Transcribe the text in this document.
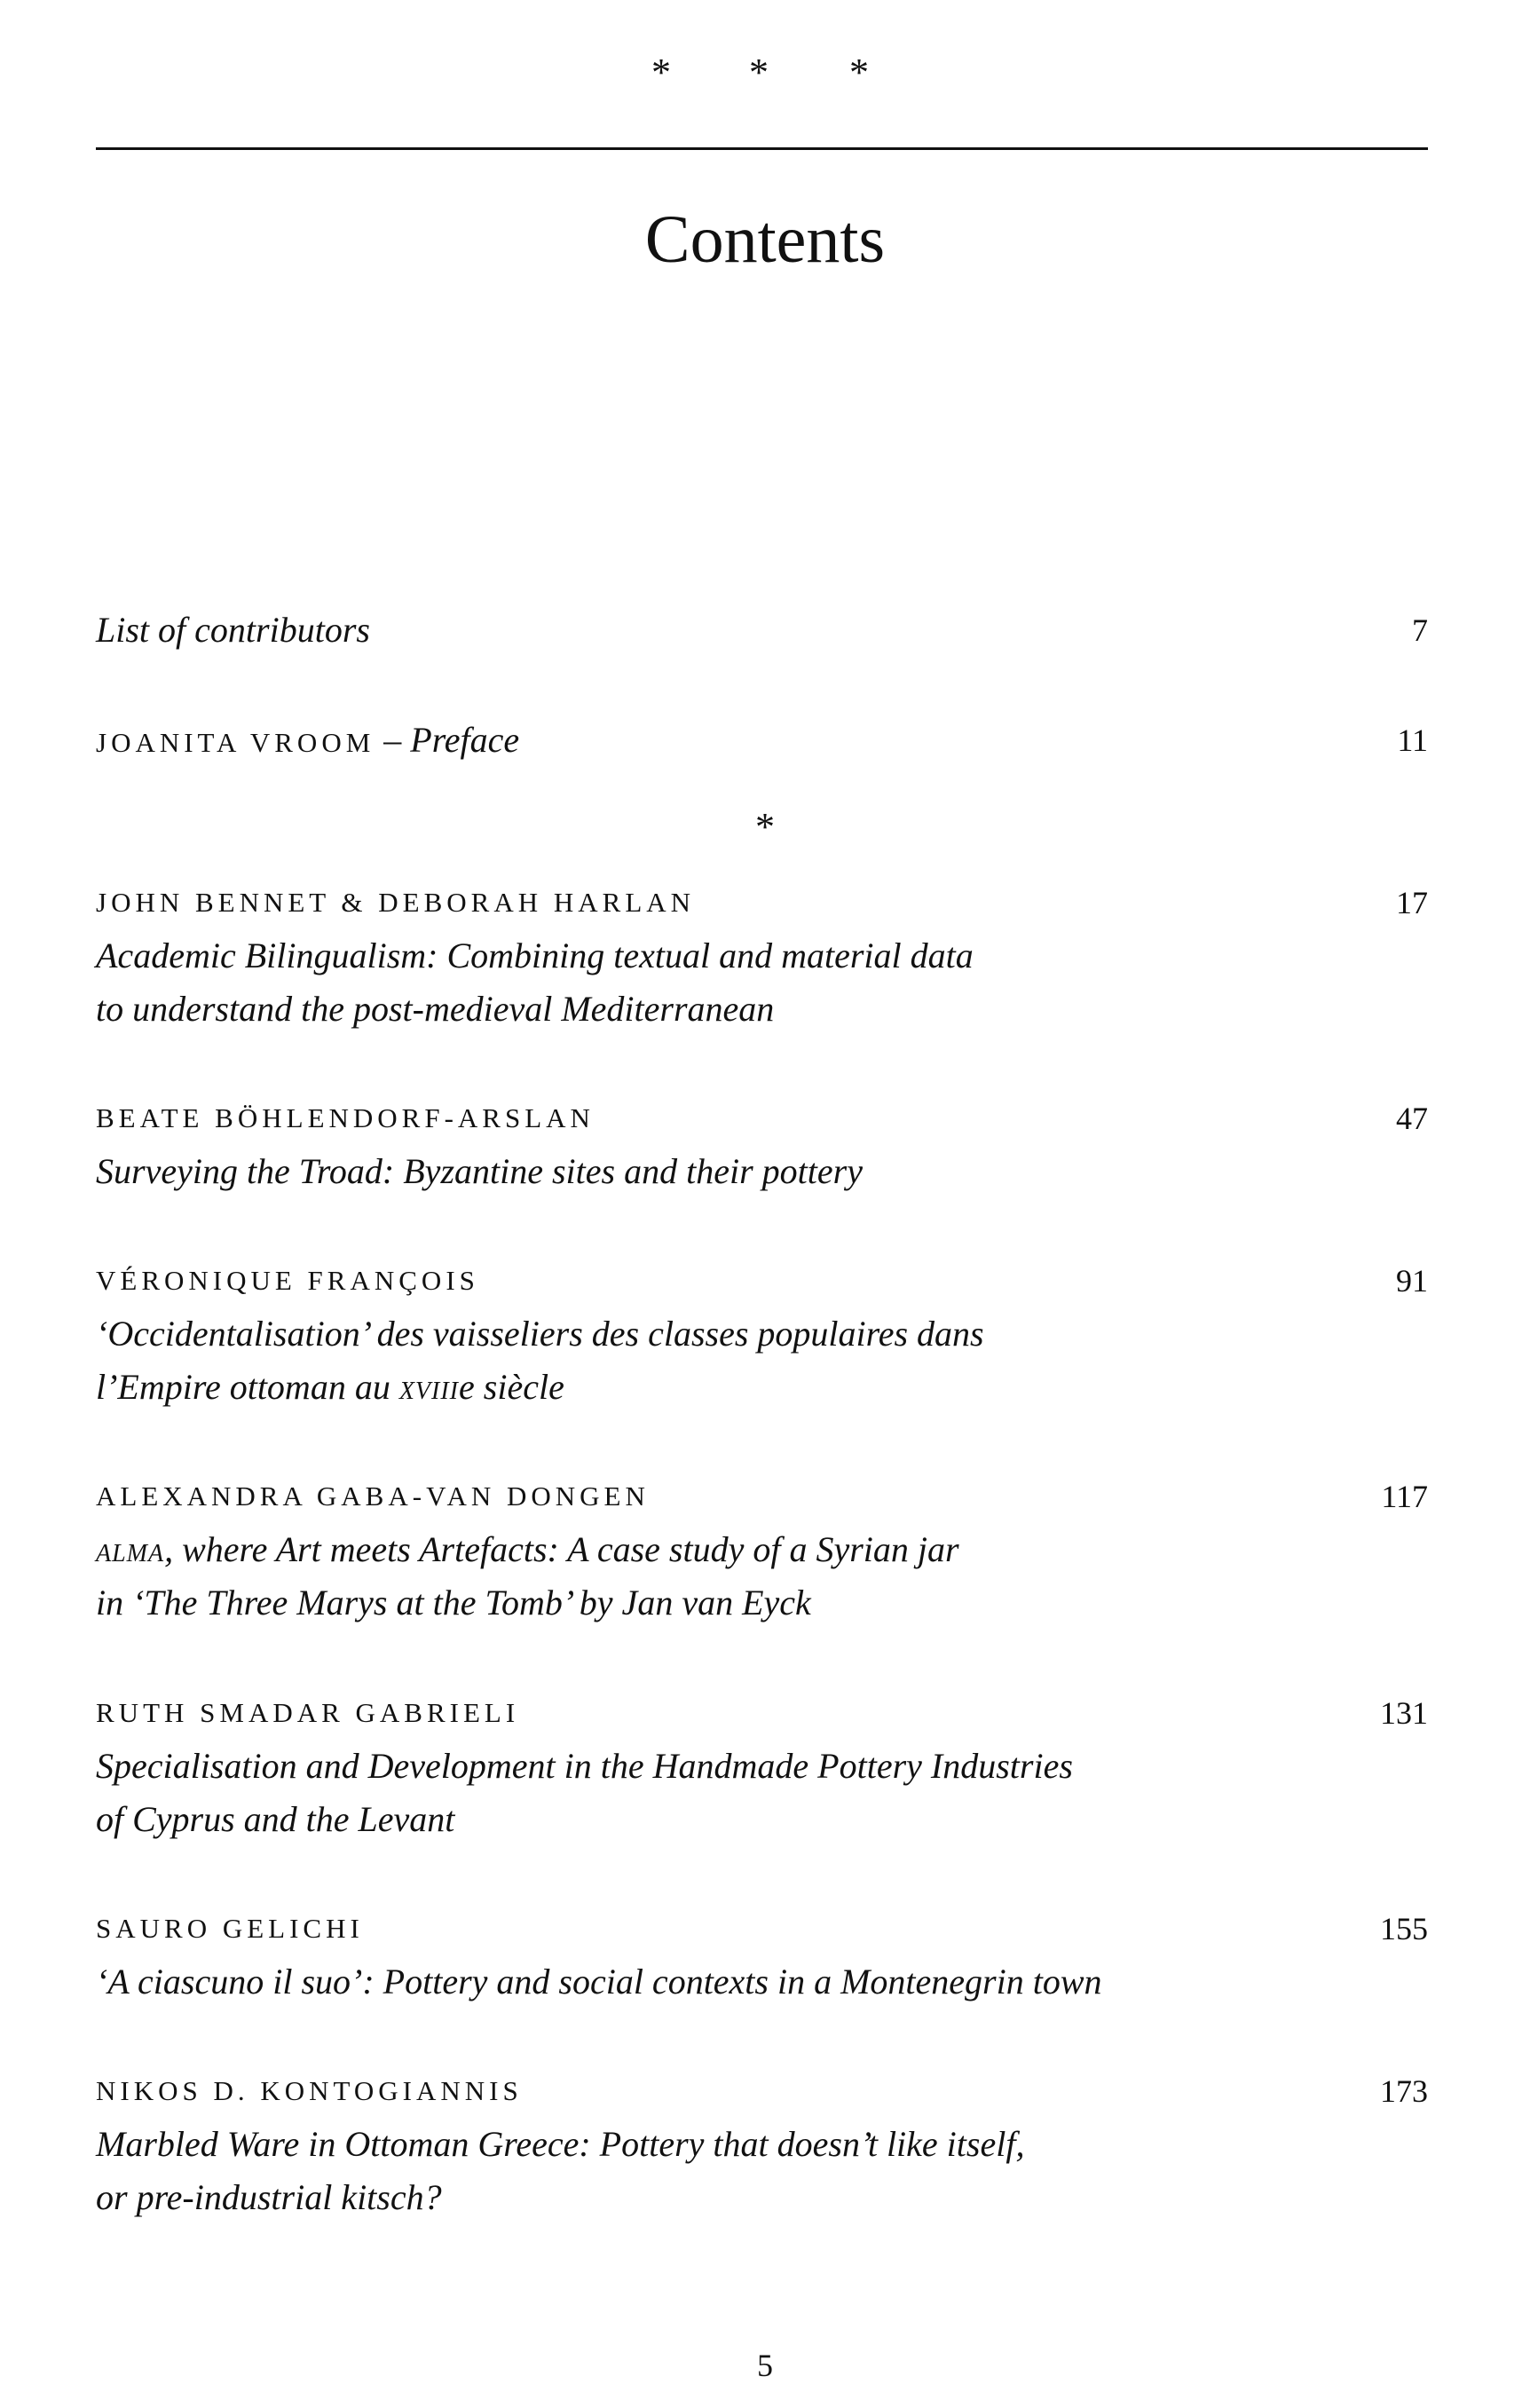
* * *
Contents
List of contributors	7
JOANITA VROOM – Preface	11
*
JOHN BENNET & DEBORAH HARLAN	17
Academic Bilingualism: Combining textual and material data
to understand the post-medieval Mediterranean
BEATE BÖHLENDORF-ARSLAN	47
Surveying the Troad: Byzantine sites and their pottery
VÉRONIQUE FRANÇOIS	91
‘Occidentalisation’ des vaisseliers des classes populaires dans
l’Empire ottoman au xviiie siècle
ALEXANDRA GABA-VAN DONGEN	117
alma, where Art meets Artefacts: A case study of a Syrian jar
in ‘The Three Marys at the Tomb’ by Jan van Eyck
RUTH SMADAR GABRIELI	131
Specialisation and Development in the Handmade Pottery Industries
of Cyprus and the Levant
SAURO GELICHI	155
‘A ciascuno il suo’: Pottery and social contexts in a Montenegrin town
NIKOS D. KONTOGIANNIS	173
Marbled Ware in Ottoman Greece: Pottery that doesn’t like itself,
or pre-industrial kitsch?
5
